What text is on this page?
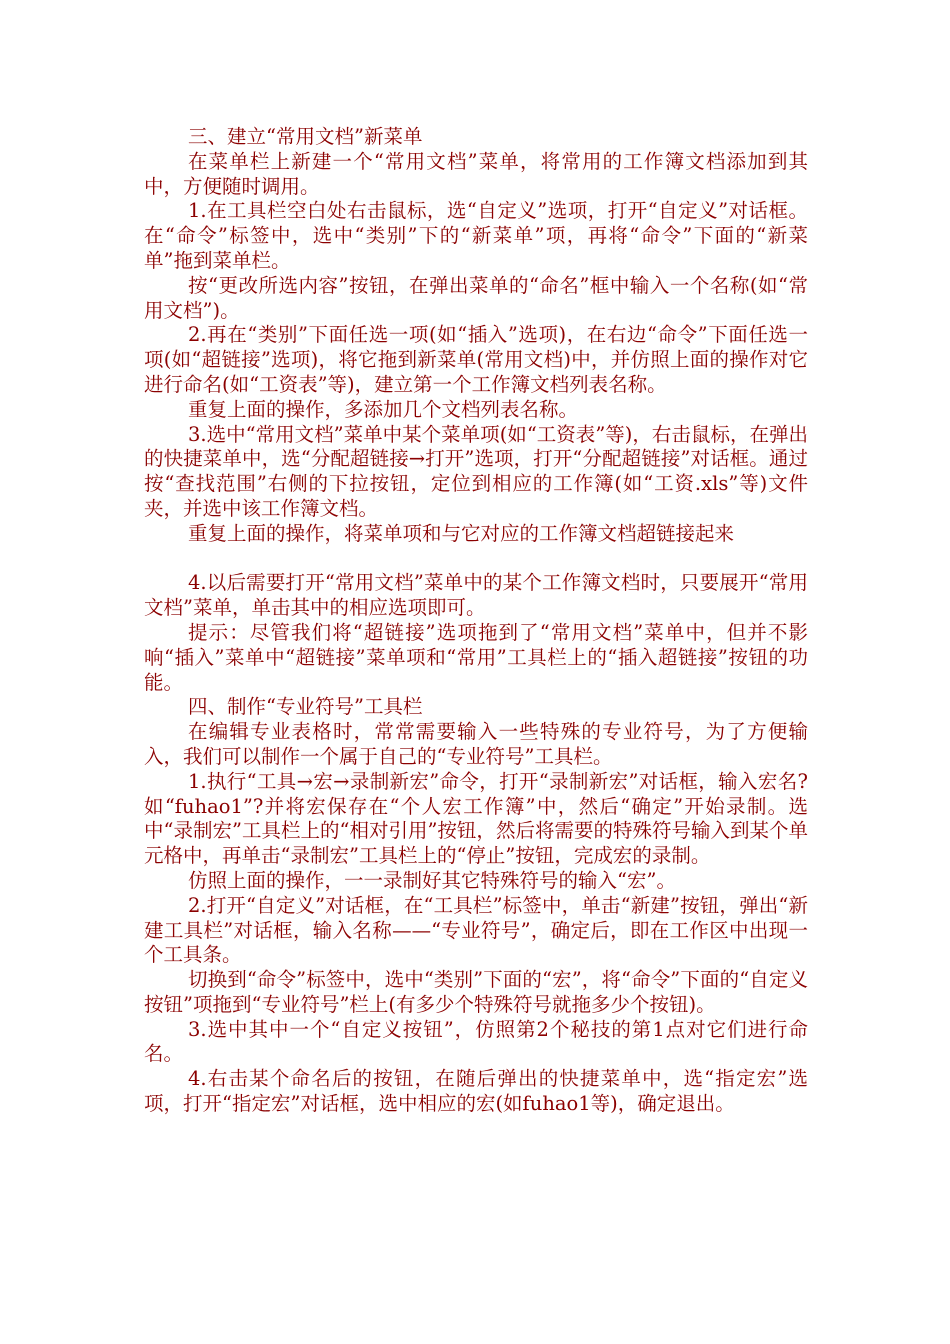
三、建立“常用文档”新菜单

在菜单栏上新建一个“常用文档”菜单，将常用的工作簿文档添加到其中，方便随时调用。

1.在工具栏空白处右击鼠标，选“自定义”选项，打开“自定义”对话框。在“命令”标签中，选中“类别”下的“新菜单”项，再将“命令”下面的“新菜单”拖到菜单栏。

按“更改所选内容”按钮，在弹出菜单的“命名”框中输入一个名称(如“常用文档”)。

2.再在“类别”下面任选一项(如“插入”选项)，在右边“命令”下面任选一项(如“超链接”选项)，将它拖到新菜单(常用文档)中，并仿照上面的操作对它进行命名(如“工资表”等)，建立第一个工作簿文档列表名称。

重复上面的操作，多添加几个文档列表名称。

3.选中“常用文档”菜单中某个菜单项(如“工资表”等)，右击鼠标，在弹出的快捷菜单中，选“分配超链接→打开”选项，打开“分配超链接”对话框。通过按“查找范围”右侧的下拉按钮，定位到相应的工作簿(如“工资.xls”等)文件夹，并选中该工作簿文档。

重复上面的操作，将菜单项和与它对应的工作簿文档超链接起来

4.以后需要打开“常用文档”菜单中的某个工作簿文档时，只要展开“常用文档”菜单，单击其中的相应选项即可。

提示：尽管我们将“超链接”选项拖到了“常用文档”菜单中，但并不影响“插入”菜单中“超链接”菜单项和“常用”工具栏上的“插入超链接”按钮的功能。

四、制作“专业符号”工具栏

在编辑专业表格时，常常需要输入一些特殊的专业符号，为了方便输入，我们可以制作一个属于自己的“专业符号”工具栏。

1.执行“工具→宏→录制新宏”命令，打开“录制新宏”对话框，输入宏名?如“fuhao1”?并将宏保存在“个人宏工作簿”中，然后“确定”开始录制。选中“录制宏”工具栏上的“相对引用”按钮，然后将需要的特殊符号输入到某个单元格中，再单击“录制宏”工具栏上的“停止”按钮，完成宏的录制。

仿照上面的操作，一一录制好其它特殊符号的输入“宏”。

2.打开“自定义”对话框，在“工具栏”标签中，单击“新建”按钮，弹出“新建工具栏”对话框，输入名称——“专业符号”，确定后，即在工作区中出现一个工具条。

切换到“命令”标签中，选中“类别”下面的“宏”，将“命令”下面的“自定义按钮”项拖到“专业符号”栏上(有多少个特殊符号就拖多少个按钮)。

3.选中其中一个“自定义按钮”，仿照第2个秘技的第1点对它们进行命名。

4.右击某个命名后的按钮，在随后弹出的快捷菜单中，选“指定宏”选项，打开“指定宏”对话框，选中相应的宏(如fuhao1等)，确定退出。
